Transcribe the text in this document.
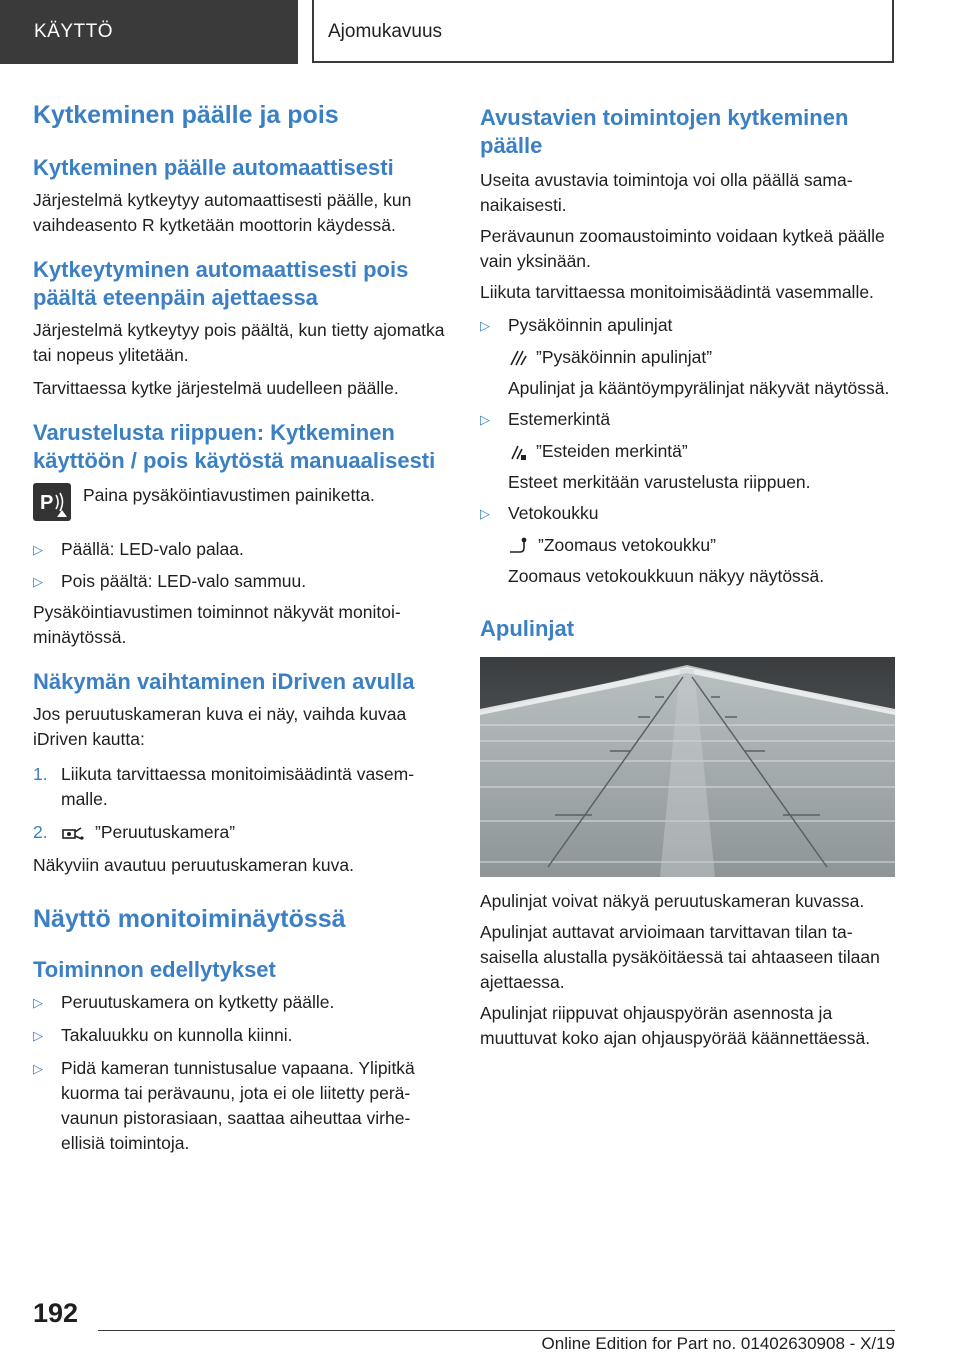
KÄYTTÖ	Ajomukavuus
Kytkeminen päälle ja pois
Kytkeminen päälle automaattisesti

Järjestelmä kytkeytyy automaattisesti päälle, kun vaihdeasento R kytketään moottorin käydessä.

Kytkeytyminen automaattisesti pois päältä eteenpäin ajettaessa

Järjestelmä kytkeytyy pois päältä, kun tietty ajomatka tai nopeus ylitetään.

Tarvittaessa kytke järjestelmä uudelleen päälle.

Varustelusta riippuen: Kytkeminen käyttöön / pois käytöstä manuaalisesti
P Paina pysäköintiavustimen painiketta.

▷	Päällä: LED-valo palaa.
▷	Pois päältä: LED-valo sammuu.

Pysäköintiavustimen toiminnot näkyvät monitoiminäytössä.

Näkymän vaihtaminen iDriven avulla

Jos peruutuskameran kuva ei näy, vaihda kuvaa iDriven kautta:

1. Liikuta tarvittaessa monitoimisäädintä vasemmalle.
2.	”Peruutuskamera”

Näkyviin avautuu peruutuskameran kuva.

Näyttö monitoiminäytössä
Toiminnon edellytykset
▷	Peruutuskamera on kytketty päälle.
▷	Takaluukku on kunnolla kiinni.
▷	Pidä kameran tunnistusalue vapaana. Ylipitkä kuorma tai perävaunu, jota ei ole liitetty perävaunun pistorasiaan, saattaa aiheuttaa virheellisiä toimintoja.
Avustavien toimintojen kytkeminen päälle

Useita avustavia toimintoja voi olla päällä samanaikaisesti.

Perävaunun zoomaustoiminto voidaan kytkeä päälle vain yksinään.

Liikuta tarvittaessa monitoimisäädintä vasemmalle.

▷	Pysäköinnin apulinjat

”Pysäköinnin apulinjat”

Apulinjat ja kääntöympyrälinjat näkyvät näytössä.

▷	Estemerkintä

”Esteiden merkintä”

Esteet merkitään varustelusta riippuen.

▷	Vetokoukku

”Zoomaus vetokoukku”

Zoomaus vetokoukkuun näkyy näytössä.

Apulinjat

Apulinjat voivat näkyä peruutuskameran kuvassa.

Apulinjat auttavat arvioimaan tarvittavan tilan tasaisella alustalla pysäköitäessä tai ahtaaseen tilaan ajettaessa.

Apulinjat riippuvat ohjauspyörän asennosta ja muuttuvat koko ajan ohjauspyörää käännettäessä.

192
Online Edition for Part no. 01402630908 - X/19
